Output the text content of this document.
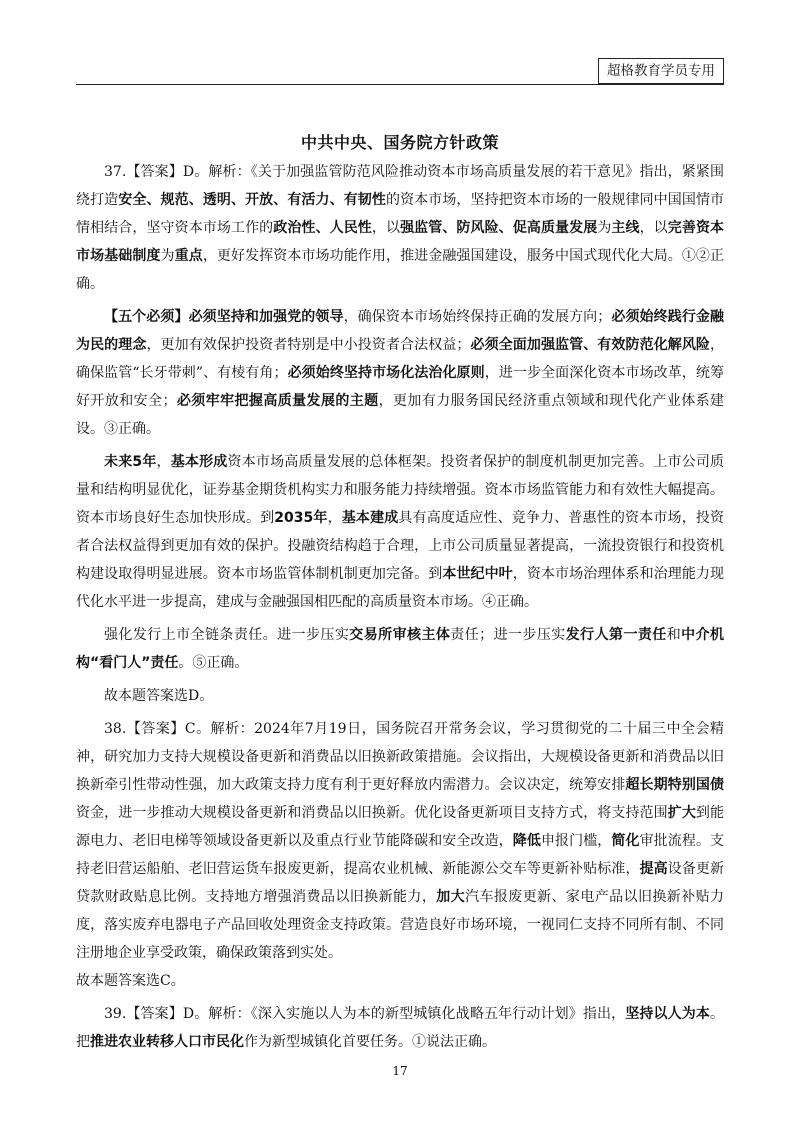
超格教育学员专用
中共中央、国务院方针政策

37.【答案】D。解析：《关于加强监管防范风险推动资本市场高质量发展的若干意见》指出，紧紧围绕打造安全、规范、透明、开放、有活力、有韧性的资本市场，坚持把资本市场的一般规律同中国国情市情相结合，坚守资本市场工作的政治性、人民性，以强监管、防风险、促高质量发展为主线，以完善资本市场基础制度为重点，更好发挥资本市场功能作用，推进金融强国建设，服务中国式现代化大局。①②正确。

【五个必须】必须坚持和加强党的领导，确保资本市场始终保持正确的发展方向；必须始终践行金融为民的理念，更加有效保护投资者特别是中小投资者合法权益；必须全面加强监管、有效防范化解风险，确保监管“长牙带刺”、有棱有角；必须始终坚持市场化法治化原则，进一步全面深化资本市场改革，统筹好开放和安全；必须牢牢把握高质量发展的主题，更加有力服务国民经济重点领域和现代化产业体系建设。③正确。

未来5年，基本形成资本市场高质量发展的总体框架。投资者保护的制度机制更加完善。上市公司质量和结构明显优化，证券基金期货机构实力和服务能力持续增强。资本市场监管能力和有效性大幅提高。资本市场良好生态加快形成。到2035年，基本建成具有高度适应性、竞争力、普惠性的资本市场，投资者合法权益得到更加有效的保护。投融资结构趋于合理，上市公司质量显著提高，一流投资银行和投资机构建设取得明显进展。资本市场监管体制机制更加完备。到本世纪中叶，资本市场治理体系和治理能力现代化水平进一步提高，建成与金融强国相匹配的高质量资本市场。④正确。

强化发行上市全链条责任。进一步压实交易所审核主体责任；进一步压实发行人第一责任和中介机构“看门人”责任。⑤正确。

故本题答案选D。

38.【答案】C。解析：2024年7月19日，国务院召开常务会议，学习贯彻党的二十届三中全会精神，研究加力支持大规模设备更新和消费品以旧换新政策措施。会议指出，大规模设备更新和消费品以旧换新牵引性带动性强，加大政策支持力度有利于更好释放内需潜力。会议决定，统筹安排超长期特别国债资金，进一步推动大规模设备更新和消费品以旧换新。优化设备更新项目支持方式，将支持范围扩大到能源电力、老旧电梯等领域设备更新以及重点行业节能降碳和安全改造，降低申报门槛，简化审批流程。支持老旧营运船舶、老旧营运货车报废更新，提高农业机械、新能源公交车等更新补贴标准，提高设备更新贷款财政贴息比例。支持地方增强消费品以旧换新能力，加大汽车报废更新、家电产品以旧换新补贴力度，落实废弃电器电子产品回收处理资金支持政策。营造良好市场环境，一视同仁支持不同所有制、不同注册地企业享受政策，确保政策落到实处。

故本题答案选C。

39.【答案】D。解析：《深入实施以人为本的新型城镇化战略五年行动计划》指出，坚持以人为本。把推进农业转移人口市民化作为新型城镇化首要任务。①说法正确。

17
